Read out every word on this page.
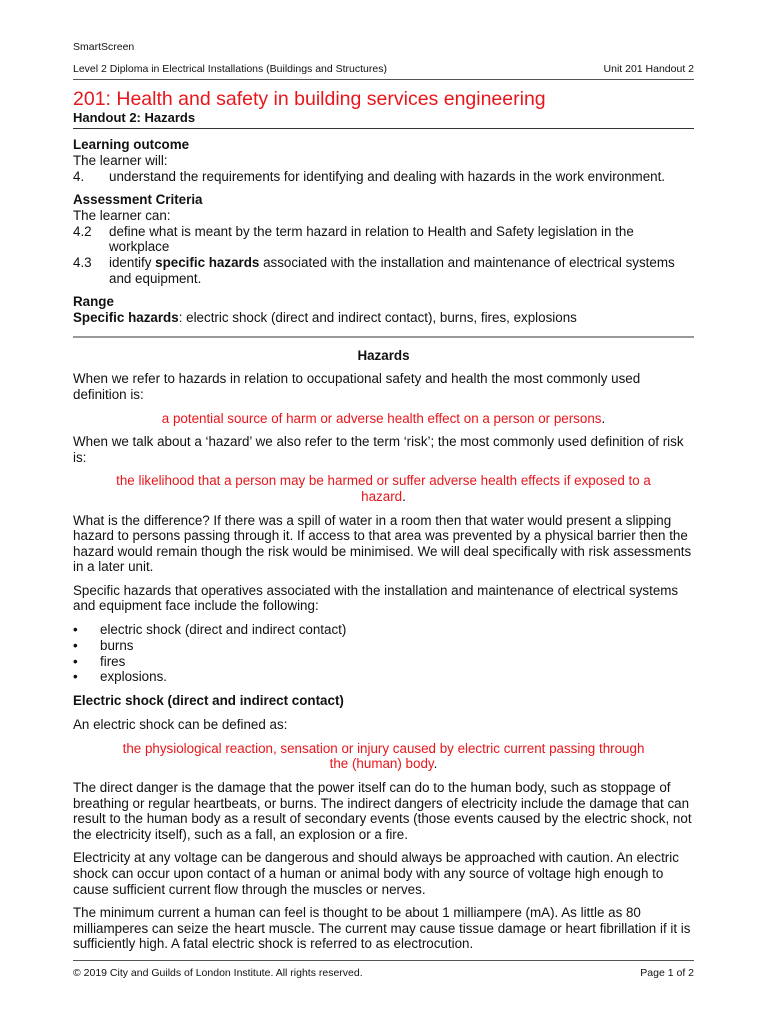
SmartScreen

Level 2 Diploma in Electrical Installations (Buildings and Structures)	Unit 201 Handout 2
201: Health and safety in building services engineering

Handout 2: Hazards

Learning outcome

The learner will:

4.	understand the requirements for identifying and dealing with hazards in the work environment.
Assessment Criteria

The learner can:

4.2	define what is meant by the term hazard in relation to Health and Safety legislation in the workplace
4.3	identify specific hazards associated with the installation and maintenance of electrical systems and equipment.
Range

Specific hazards: electric shock (direct and indirect contact), burns, fires, explosions

Hazards

When we refer to hazards in relation to occupational safety and health the most commonly used definition is:

a potential source of harm or adverse health effect on a person or persons.

When we talk about a ‘hazard’ we also refer to the term ‘risk’; the most commonly used definition of risk is:

the likelihood that a person may be harmed or suffer adverse health effects if exposed to a hazard.

What is the difference? If there was a spill of water in a room then that water would present a slipping hazard to persons passing through it. If access to that area was prevented by a physical barrier then the hazard would remain though the risk would be minimised. We will deal specifically with risk assessments in a later unit.

Specific hazards that operatives associated with the installation and maintenance of electrical systems and equipment face include the following:

•	electric shock (direct and indirect contact)
•	burns
•	fires
•	explosions.
Electric shock (direct and indirect contact)

An electric shock can be defined as:

the physiological reaction, sensation or injury caused by electric current passing through the (human) body.

The direct danger is the damage that the power itself can do to the human body, such as stoppage of breathing or regular heartbeats, or burns. The indirect dangers of electricity include the damage that can result to the human body as a result of secondary events (those events caused by the electric shock, not the electricity itself), such as a fall, an explosion or a fire.

Electricity at any voltage can be dangerous and should always be approached with caution. An electric shock can occur upon contact of a human or animal body with any source of voltage high enough to cause sufficient current flow through the muscles or nerves.

The minimum current a human can feel is thought to be about 1 milliampere (mA). As little as 80 milliamperes can seize the heart muscle. The current may cause tissue damage or heart fibrillation if it is sufficiently high. A fatal electric shock is referred to as electrocution.

© 2019 City and Guilds of London Institute. All rights reserved.	Page 1 of 2
